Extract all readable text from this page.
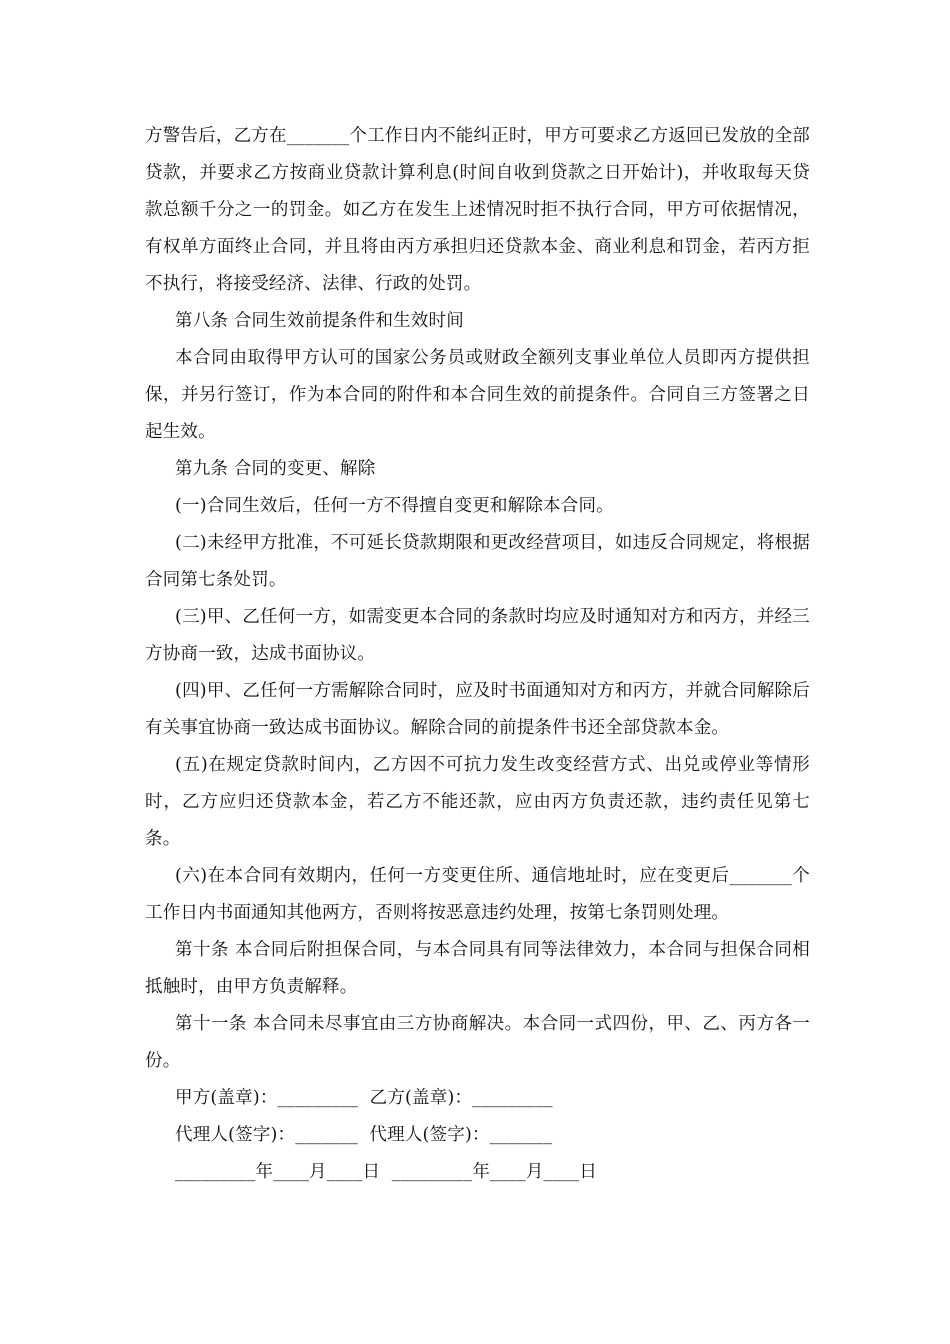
方警告后，乙方在_______个工作日内不能纠正时，甲方可要求乙方返回已发放的全部贷款，并要求乙方按商业贷款计算利息(时间自收到贷款之日开始计)，并收取每天贷款总额千分之一的罚金。如乙方在发生上述情况时拒不执行合同，甲方可依据情况，有权单方面终止合同，并且将由丙方承担归还贷款本金、商业利息和罚金，若丙方拒不执行，将接受经济、法律、行政的处罚。

第八条 合同生效前提条件和生效时间

本合同由取得甲方认可的国家公务员或财政全额列支事业单位人员即丙方提供担保，并另行签订，作为本合同的附件和本合同生效的前提条件。合同自三方签署之日起生效。

第九条 合同的变更、解除

(一)合同生效后，任何一方不得擅自变更和解除本合同。

(二)未经甲方批准，不可延长贷款期限和更改经营项目，如违反合同规定，将根据合同第七条处罚。

(三)甲、乙任何一方，如需变更本合同的条款时均应及时通知对方和丙方，并经三方协商一致，达成书面协议。

(四)甲、乙任何一方需解除合同时，应及时书面通知对方和丙方，并就合同解除后有关事宜协商一致达成书面协议。解除合同的前提条件书还全部贷款本金。

(五)在规定贷款时间内，乙方因不可抗力发生改变经营方式、出兑或停业等情形时，乙方应归还贷款本金，若乙方不能还款，应由丙方负责还款，违约责任见第七条。

(六)在本合同有效期内，任何一方变更住所、通信地址时，应在变更后_______个工作日内书面通知其他两方，否则将按恶意违约处理，按第七条罚则处理。

第十条 本合同后附担保合同，与本合同具有同等法律效力，本合同与担保合同相抵触时，由甲方负责解释。

第十一条 本合同未尽事宜由三方协商解决。本合同一式四份，甲、乙、丙方各一份。

甲方(盖章)：_________  乙方(盖章)：_________

代理人(签字)：_______  代理人(签字)：_______

_________年____月____日  _________年____月____日
